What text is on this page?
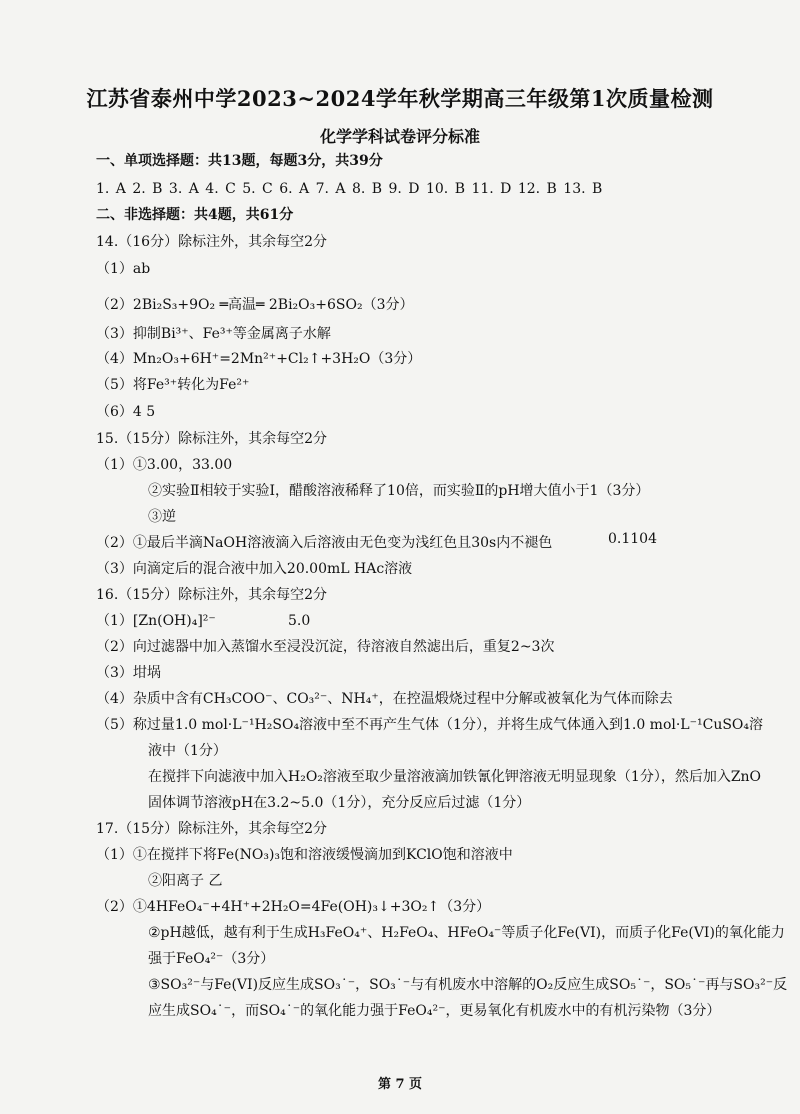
江苏省泰州中学2023~2024学年秋学期高三年级第1次质量检测
化学学科试卷评分标准
一、单项选择题：共13题，每题3分，共39分
1. A 2. B 3. A 4. C 5. C 6. A 7. A 8. B 9. D 10. B 11. D 12. B 13. B
二、非选择题：共4题，共61分
14.（16分）除标注外，其余每空2分
（1）ab
（2）2Bi₂S₃+9O₂ ═高温═ 2Bi₂O₃+6SO₂（3分）
（3）抑制Bi³⁺、Fe³⁺等金属离子水解
（4）Mn₂O₃+6H⁺=2Mn²⁺+Cl₂↑+3H₂O（3分）
（5）将Fe³⁺转化为Fe²⁺
（6）4 5
15.（15分）除标注外，其余每空2分
（1）①3.00，33.00
②实验Ⅱ相较于实验Ⅰ，醋酸溶液稀释了10倍，而实验Ⅱ的pH增大值小于1（3分）
③逆
（2）①最后半滴NaOH溶液滴入后溶液由无色变为浅红色且30s内不褪色	0.1104
（3）向滴定后的混合液中加入20.00mL HAc溶液
16.（15分）除标注外，其余每空2分
（1）[Zn(OH)₄]²⁻	5.0
（2）向过滤器中加入蒸馏水至浸没沉淀，待溶液自然滤出后，重复2~3次
（3）坩埚
（4）杂质中含有CH₃COO⁻、CO₃²⁻、NH₄⁺，在控温煅烧过程中分解或被氧化为气体而除去
（5）称过量1.0 mol·L⁻¹H₂SO₄溶液中至不再产生气体（1分），并将生成气体通入到1.0 mol·L⁻¹CuSO₄溶
液中（1分）
在搅拌下向滤液中加入H₂O₂溶液至取少量溶液滴加铁氰化钾溶液无明显现象（1分），然后加入ZnO
固体调节溶液pH在3.2~5.0（1分），充分反应后过滤（1分）
17.（15分）除标注外，其余每空2分
（1）①在搅拌下将Fe(NO₃)₃饱和溶液缓慢滴加到KClO饱和溶液中
②阳离子 乙
（2）①4HFeO₄⁻+4H⁺+2H₂O=4Fe(OH)₃↓+3O₂↑（3分）
②pH越低，越有利于生成H₃FeO₄⁺、H₂FeO₄、HFeO₄⁻等质子化Fe(VI)，而质子化Fe(VI)的氧化能力
强于FeO₄²⁻（3分）
③SO₃²⁻与Fe(VI)反应生成SO₃˙⁻，SO₃˙⁻与有机废水中溶解的O₂反应生成SO₅˙⁻，SO₅˙⁻再与SO₃²⁻反
应生成SO₄˙⁻，而SO₄˙⁻的氧化能力强于FeO₄²⁻，更易氧化有机废水中的有机污染物（3分）
第 7 页
